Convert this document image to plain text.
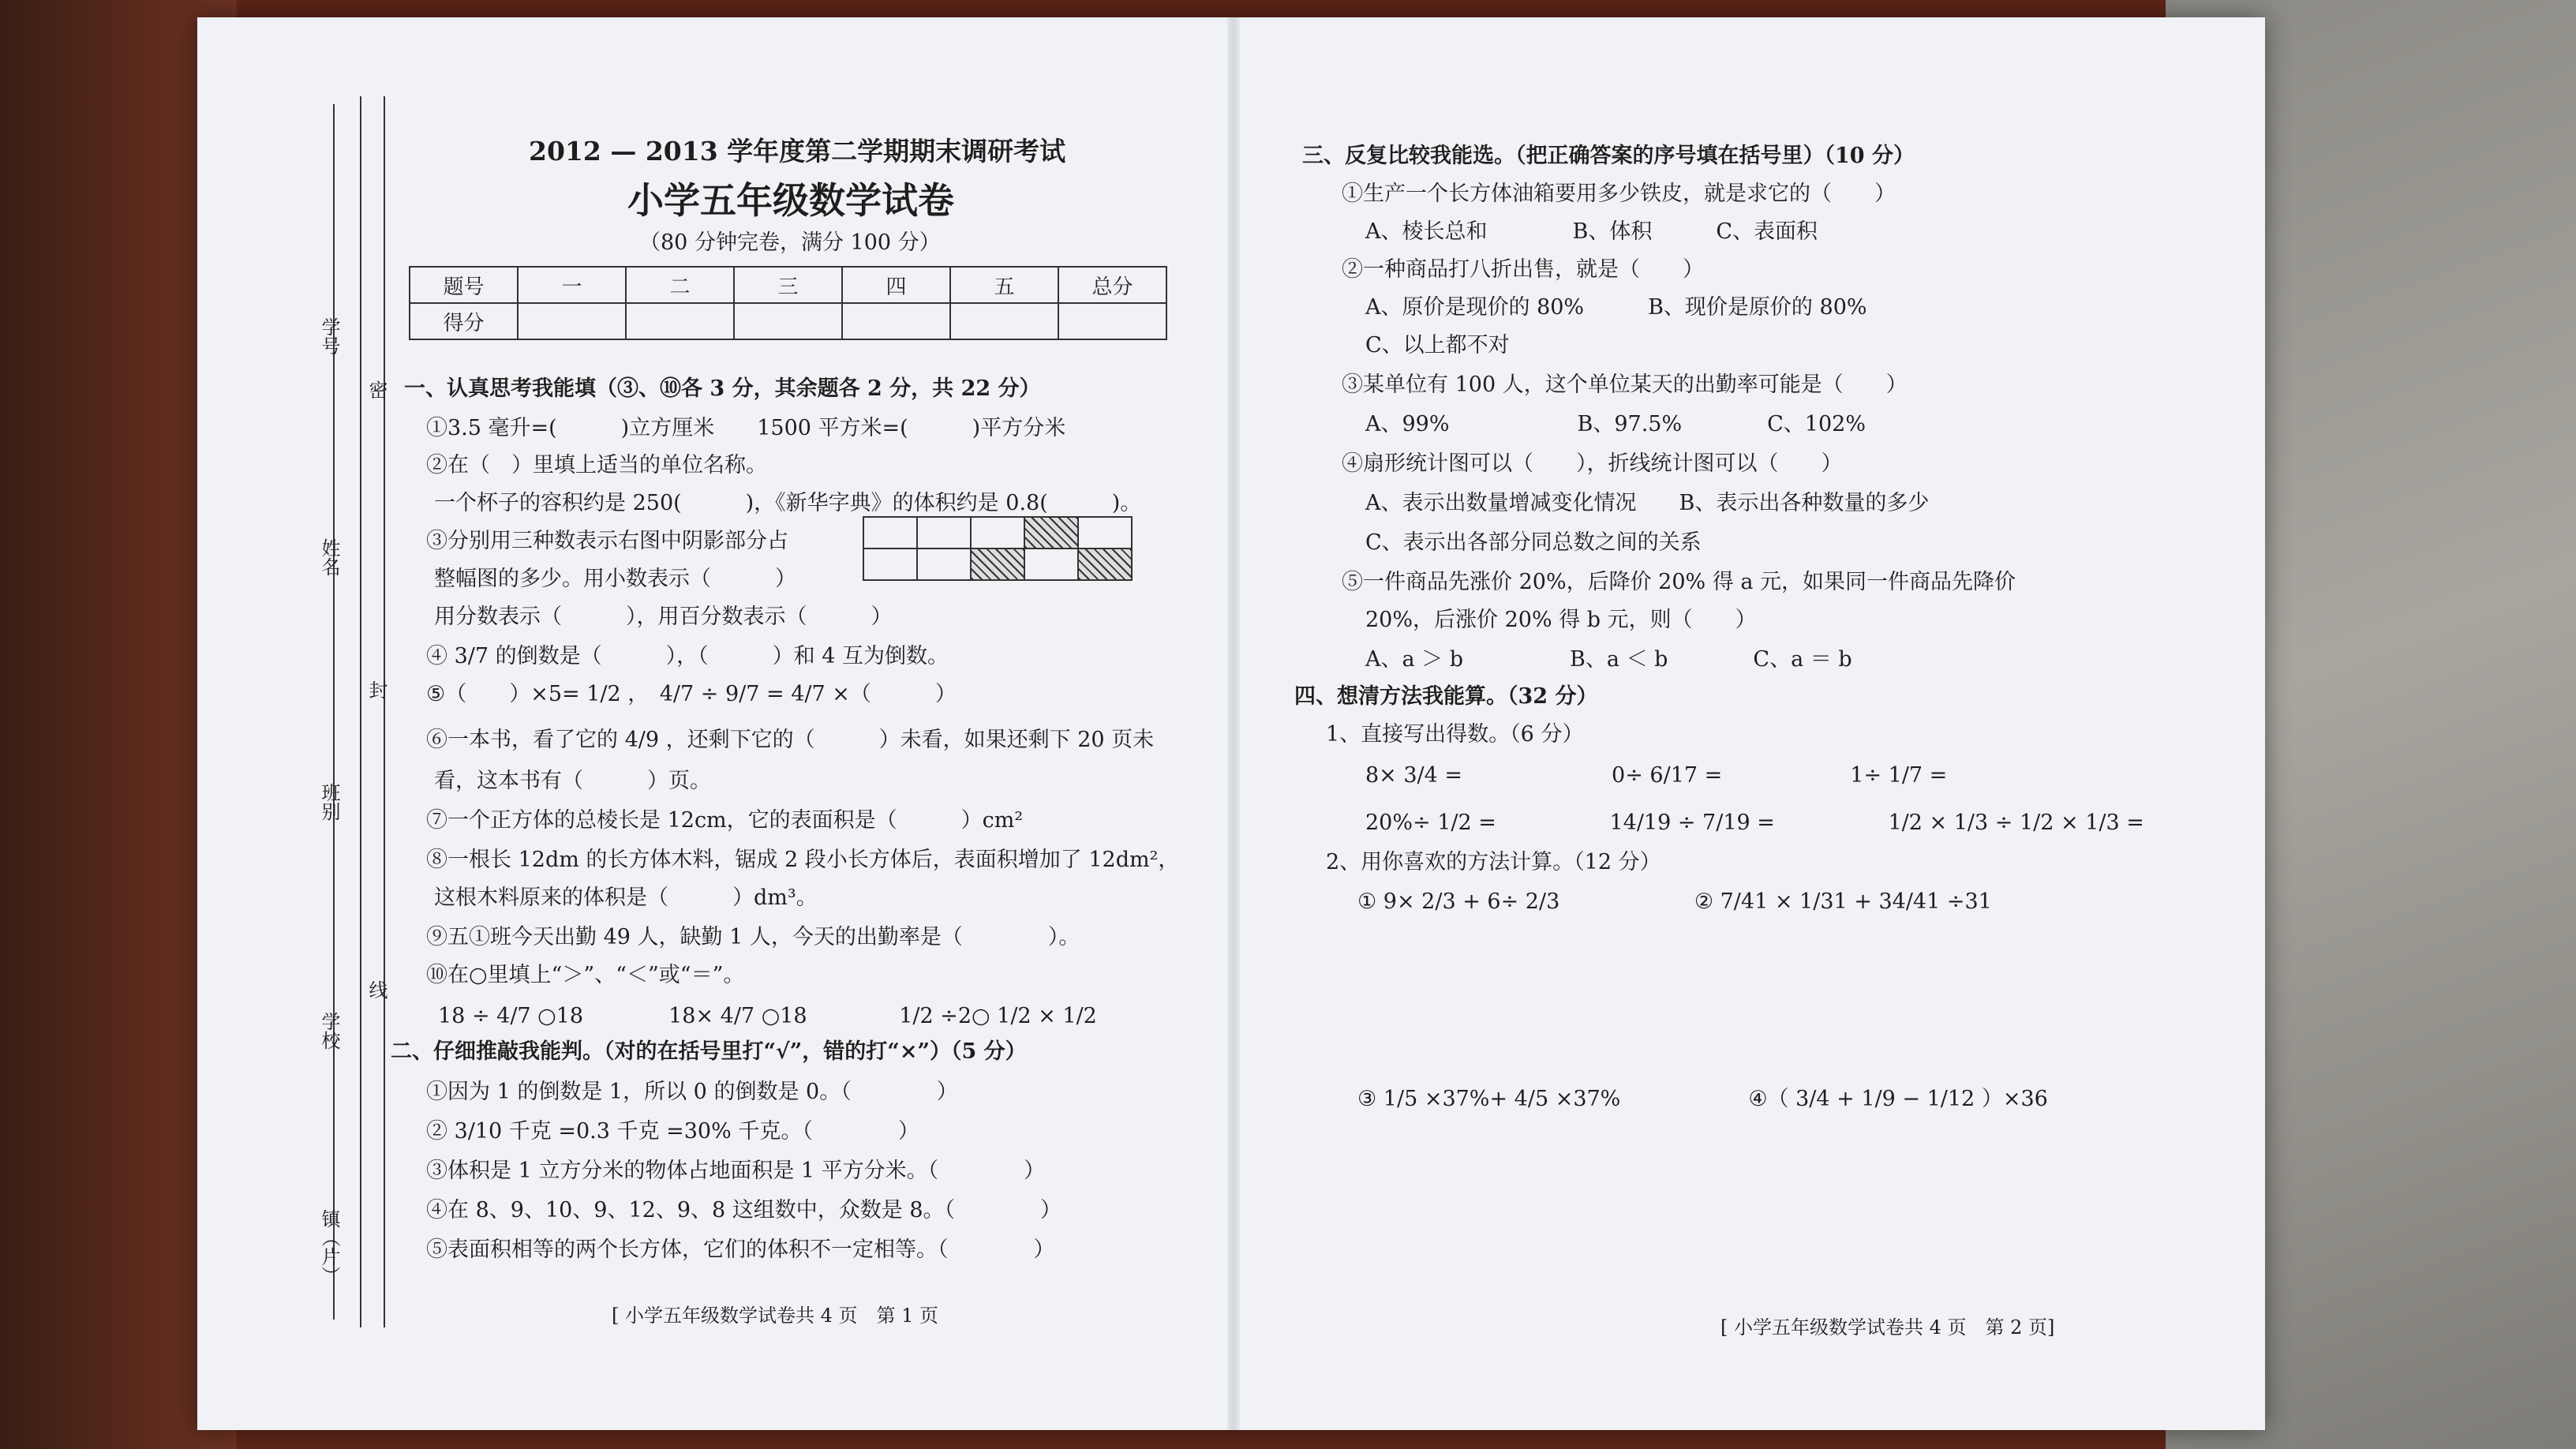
学号
密
姓名
封
班别
线
学校
镇（片）
2012 — 2013 学年度第二学期期末调研考试
小学五年级数学试卷
（80 分钟完卷，满分 100 分）
题号	一	二	三	四	五	总分
得分						
一、认真思考我能填（③、⑩各 3 分，其余题各 2 分，共 22 分）
①3.5 毫升=(　　　)立方厘米　　1500 平方米=(　　　)平方分米
②在（　）里填上适当的单位名称。
一个杯子的容积约是 250(　　　)，《新华字典》的体积约是 0.8(　　　)。
③分别用三种数表示右图中阴影部分占
整幅图的多少。用小数表示（　　　）
用分数表示（　　　），用百分数表示（　　　）

④ 3/7 的倒数是（　　　），（　　　）和 4 互为倒数。
⑤（　　）×5= 1/2 ，　4/7 ÷ 9/7 = 4/7 ×（　　　）
⑥一本书，看了它的 4/9 ，还剩下它的（　　　）未看，如果还剩下 20 页未
看，这本书有（　　　）页。
⑦一个正方体的总棱长是 12cm，它的表面积是（　　　）cm²
⑧一根长 12dm 的长方体木料，锯成 2 段小长方体后，表面积增加了 12dm²，
这根木料原来的体积是（　　　）dm³。
⑨五①班今天出勤 49 人，缺勤 1 人，今天的出勤率是（　　　　）。
⑩在○里填上“＞”、“＜”或“＝”。
18 ÷ 4/7 ○18　　　　18× 4/7 ○18　　　　 1/2 ÷2○ 1/2 × 1/2
二、仔细推敲我能判。（对的在括号里打“√”，错的打“×”）（5 分）
①因为 1 的倒数是 1，所以 0 的倒数是 0。（　　　　）
② 3/10 千克 =0.3 千克 =30% 千克。（　　　　）
③体积是 1 立方分米的物体占地面积是 1 平方分米。（　　　　）
④在 8、9、10、9、12、9、8 这组数中，众数是 8。（　　　　）
⑤表面积相等的两个长方体，它们的体积不一定相等。（　　　　）
[ 小学五年级数学试卷共 4 页　第 1 页
三、反复比较我能选。（把正确答案的序号填在括号里）（10 分）
①生产一个长方体油箱要用多少铁皮，就是求它的（　　）
A、棱长总和　　　　B、体积　　　C、表面积
②一种商品打八折出售，就是（　　）
A、原价是现价的 80%　　　B、现价是原价的 80%
C、以上都不对
③某单位有 100 人，这个单位某天的出勤率可能是（　　）
A、99%　　　　　　B、97.5%　　　　C、102%
④扇形统计图可以（　　），折线统计图可以（　　）
A、表示出数量增减变化情况　　B、表示出各种数量的多少
C、表示出各部分同总数之间的关系
⑤一件商品先涨价 20%，后降价 20% 得 a 元，如果同一件商品先降价
20%，后涨价 20% 得 b 元，则（　　）
A、a ＞ b　　　　　B、a ＜ b　　　　C、a ＝ b
四、想清方法我能算。（32 分）
1、直接写出得数。（6 分）
8× 3/4 =　　　　　　　0÷ 6/17 =　　　　　　1÷ 1/7 =
20%÷ 1/2 =　　　　　 14/19 ÷ 7/19 =　　　　　 1/2 × 1/3 ÷ 1/2 × 1/3 =
2、用你喜欢的方法计算。（12 分）
① 9× 2/3 + 6÷ 2/3 　　　　　　② 7/41 × 1/31 + 34/41 ÷31
③ 1/5 ×37%+ 4/5 ×37%　　　　　　④（ 3/4 + 1/9 − 1/12 ）×36
[ 小学五年级数学试卷共 4 页　第 2 页]
